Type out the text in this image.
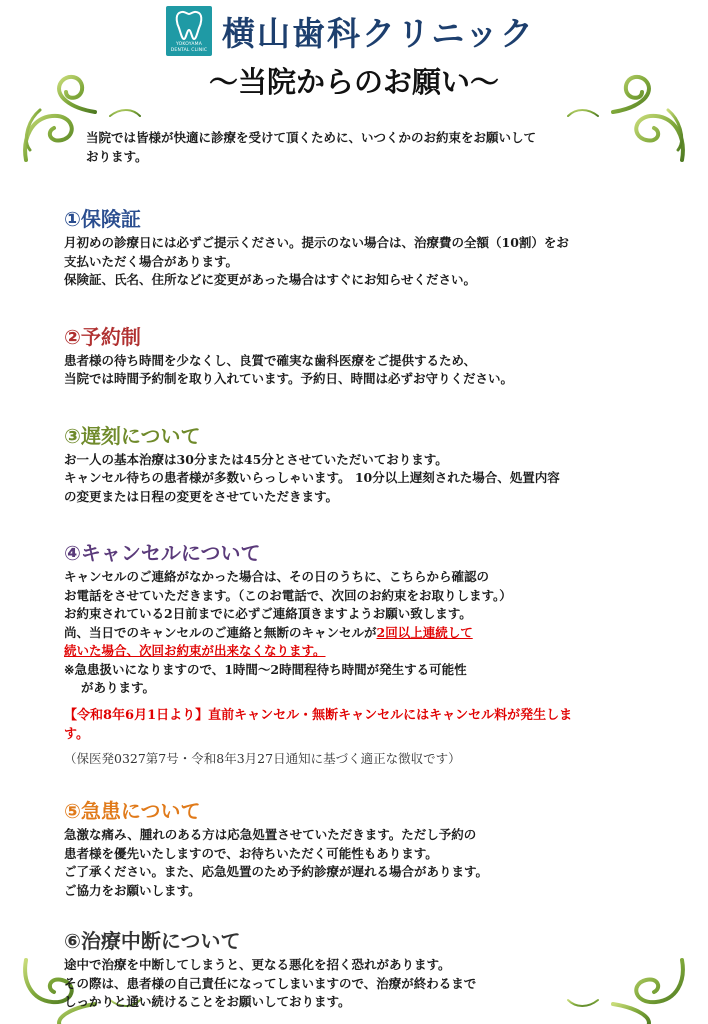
YOKOYAMA
DENTAL CLINIC 横山歯科クリニック
～当院からのお願い～

当院では皆様が快適に診療を受けて頂くために、いつくかのお約束をお願いして
おります。

①保険証

月初めの診療日には必ずご提示ください。提示のない場合は、治療費の全額（10割）をお
支払いただく場合があります。
保険証、氏名、住所などに変更があった場合はすぐにお知らせください。

②予約制

患者様の待ち時間を少なくし、良質で確実な歯科医療をご提供するため、
当院では時間予約制を取り入れています。予約日、時間は必ずお守りください。

③遅刻について

お一人の基本治療は30分または45分とさせていただいております。
キャンセル待ちの患者様が多数いらっしゃいます。 10分以上遅刻された場合、処置内容
の変更または日程の変更をさせていただきます。

④キャンセルについて

キャンセルのご連絡がなかった場合は、その日のうちに、こちらから確認の
お電話をさせていただきます。（このお電話で、次回のお約束をお取りします。）
お約束されている2日前までに必ずご連絡頂きますようお願い致します。
尚、当日でのキャンセルのご連絡と無断のキャンセルが2回以上連続して
続いた場合、次回お約束が出来なくなります。
※急患扱いになりますので、1時間～2時間程待ち時間が発生する可能性
があります。

【令和8年6月1日より】直前キャンセル・無断キャンセルにはキャンセル料が発生しま
す。

（保医発0327第7号・令和8年3月27日通知に基づく適正な徴収です）

⑤急患について

急激な痛み、腫れのある方は応急処置させていただきます。ただし予約の
患者様を優先いたしますので、お待ちいただく可能性もあります。
ご了承ください。また、応急処置のため予約診療が遅れる場合があります。
ご協力をお願いします。

⑥治療中断について

途中で治療を中断してしまうと、更なる悪化を招く恐れがあります。
その際は、患者様の自己責任になってしまいますので、治療が終わるまで
しっかりと通い続けることをお願いしております。
